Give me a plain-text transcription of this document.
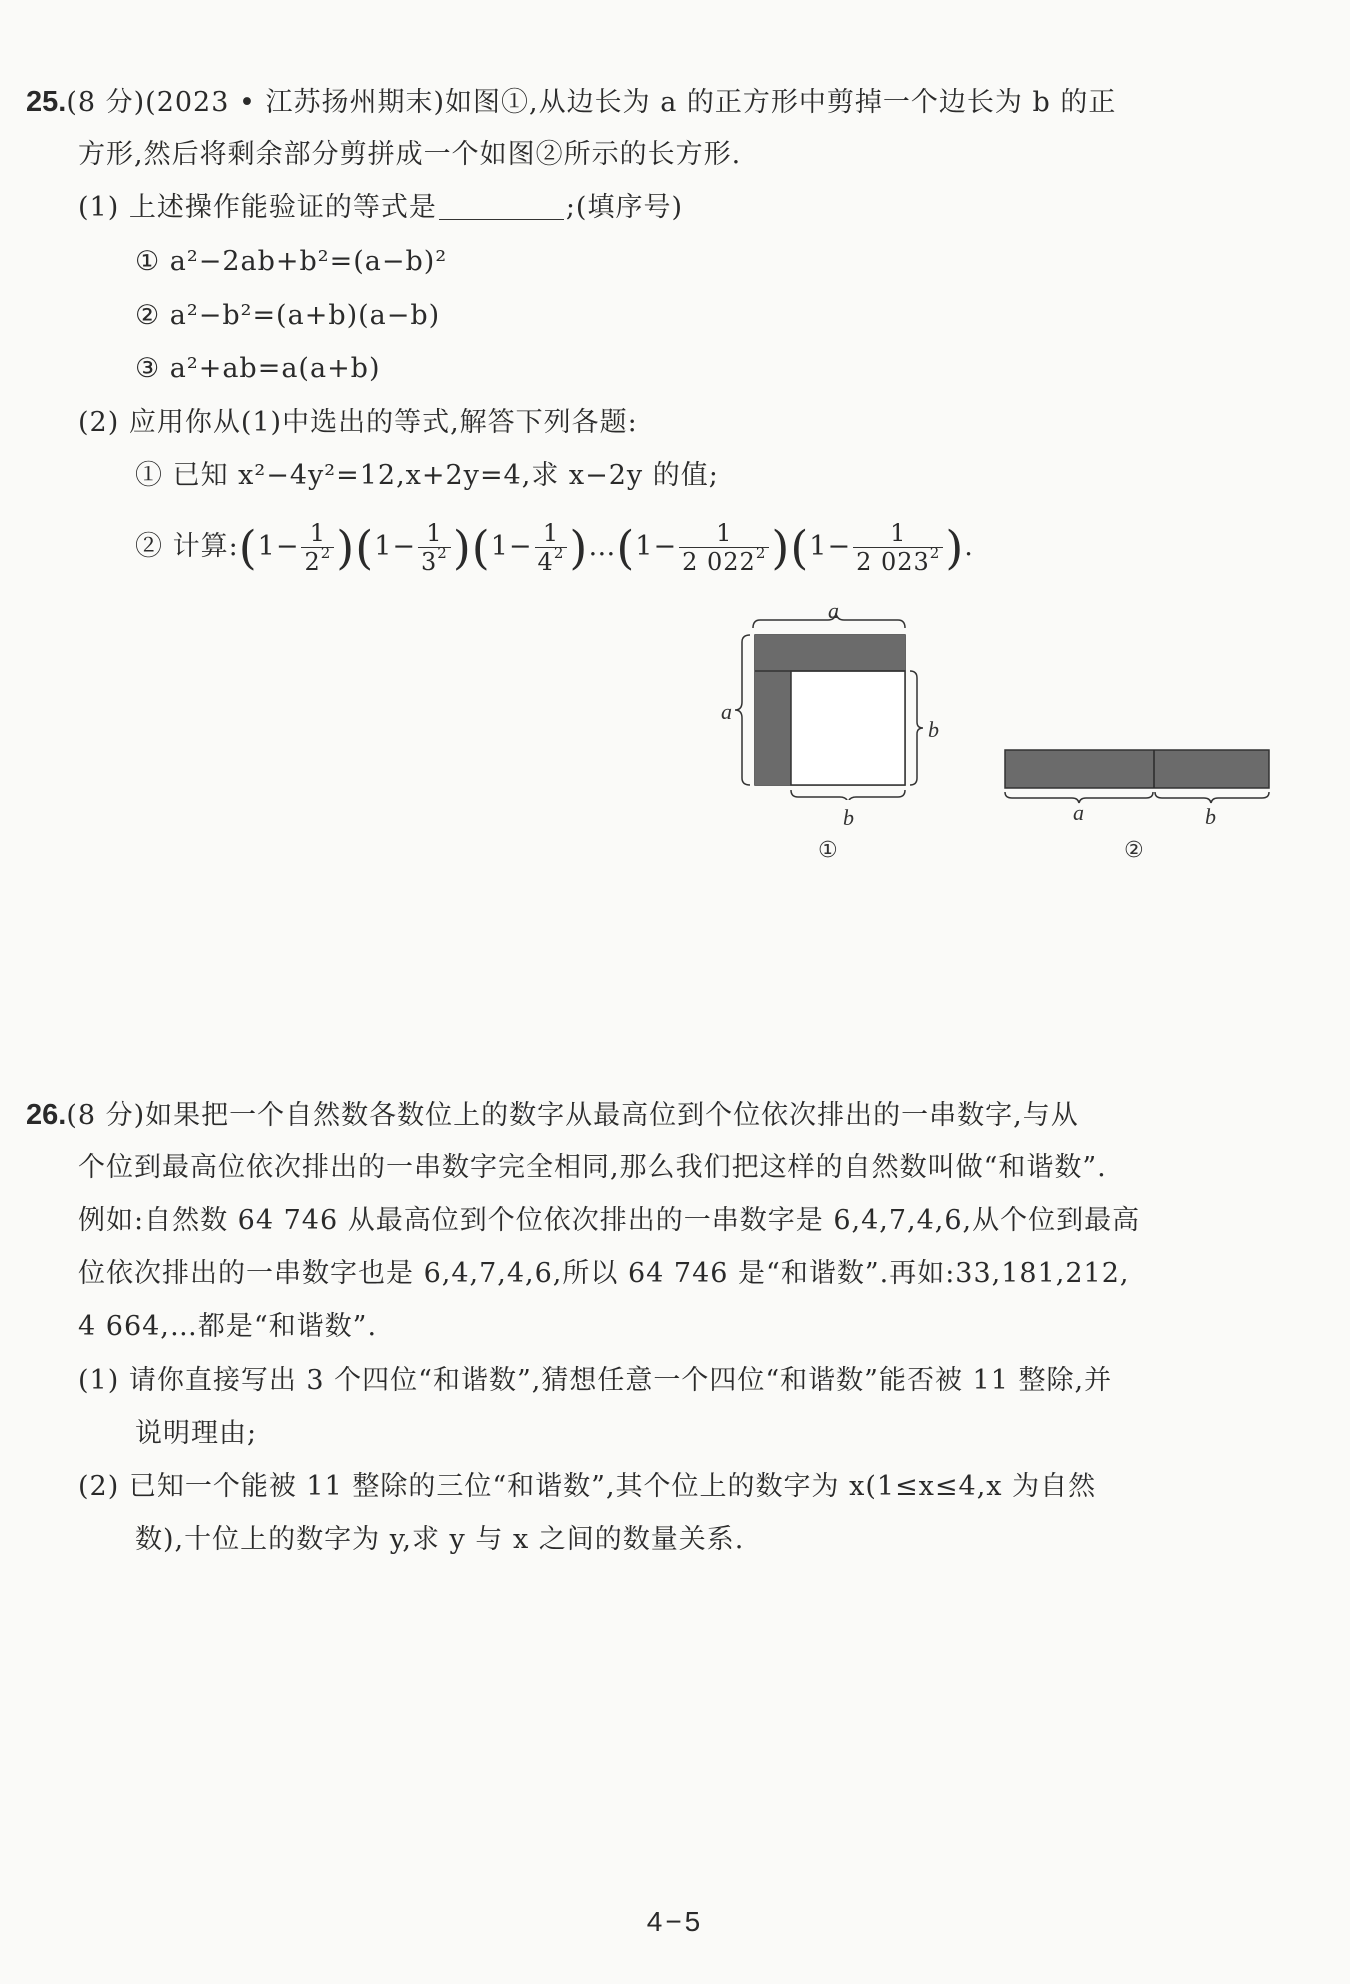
25.(8 分)(2023 • 江苏扬州期末)如图①,从边长为 a 的正方形中剪掉一个边长为 b 的正
方形,然后将剩余部分剪拼成一个如图②所示的长方形.
(1) 上述操作能验证的等式是	;(填序号)
① a²−2ab+b²=(a−b)²
② a²−b²=(a+b)(a−b)
③ a²+ab=a(a+b)
(2) 应用你从(1)中选出的等式,解答下列各题:
① 已知 x²−4y²=12,x+2y=4,求 x−2y 的值;
② 计算:(1− $\frac{1}{2^2} )(1- \frac{1}{3^2} )(1- \frac{1}{4^2}$ )…(1− $\frac{1}{2 022^2} )(1- \frac{1}{2 023^2}$ ).
a
a
b
b
①
a	b
②
26.(8 分)如果把一个自然数各数位上的数字从最高位到个位依次排出的一串数字,与从
个位到最高位依次排出的一串数字完全相同,那么我们把这样的自然数叫做“和谐数”.
例如:自然数 64 746 从最高位到个位依次排出的一串数字是 6,4,7,4,6,从个位到最高
位依次排出的一串数字也是 6,4,7,4,6,所以 64 746 是“和谐数”.再如:33,181,212,
4 664,…都是“和谐数”.
(1) 请你直接写出 3 个四位“和谐数”,猜想任意一个四位“和谐数”能否被 11 整除,并
说明理由;
(2) 已知一个能被 11 整除的三位“和谐数”,其个位上的数字为 x(1≤x≤4,x 为自然
数),十位上的数字为 y,求 y 与 x 之间的数量关系.
4−5
